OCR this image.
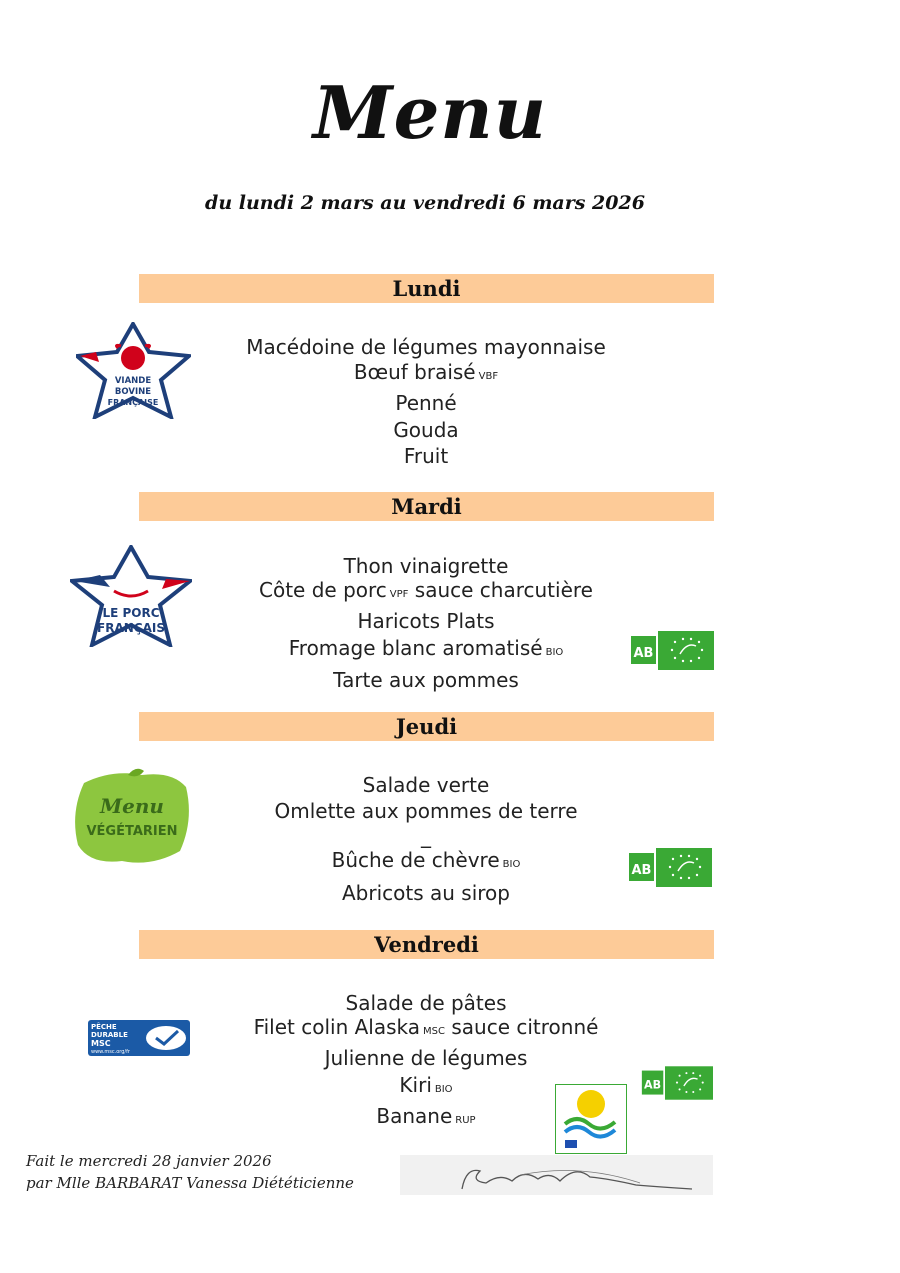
Menu
du lundi 2 mars au vendredi 6 mars 2026
Lundi
VIANDE
BOVINE
FRANÇAISE
Macédoine de légumes mayonnaise
Bœuf braisé VBF
Penné
Gouda
Fruit
Mardi
LE PORC
FRANÇAIS
Thon vinaigrette
Côte de porc VPF sauce charcutière
Haricots Plats
Fromage blanc aromatisé BIO
Tarte aux pommes
AB
Jeudi
Menu
VÉGÉTARIEN
Salade verte
Omlette aux pommes de terre
_
Bûche de chèvre BIO
Abricots au sirop
AB
Vendredi
PÊCHE
DURABLE
MSC
www.msc.org/fr
Salade de pâtes
Filet colin Alaska MSC sauce citronné
Julienne de légumes
Kiri BIO
Banane RUP
AB
Fait le mercredi 28 janvier 2026
par Mlle BARBARAT Vanessa Diététicienne
